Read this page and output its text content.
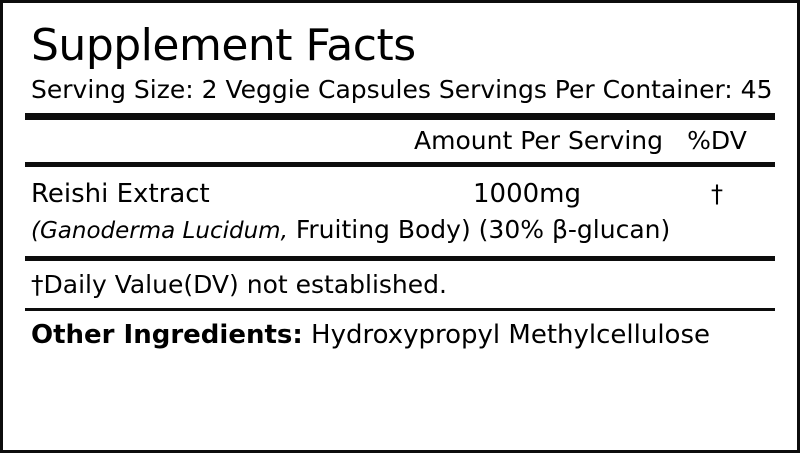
Supplement Facts
Serving Size: 2 Veggie Capsules Servings Per Container: 45
Amount Per Serving %DV
Reishi Extract	1000mg	†
(Ganoderma Lucidum, Fruiting Body) (30% β-glucan)
†Daily Value(DV) not established.
Other Ingredients: Hydroxypropyl Methylcellulose
